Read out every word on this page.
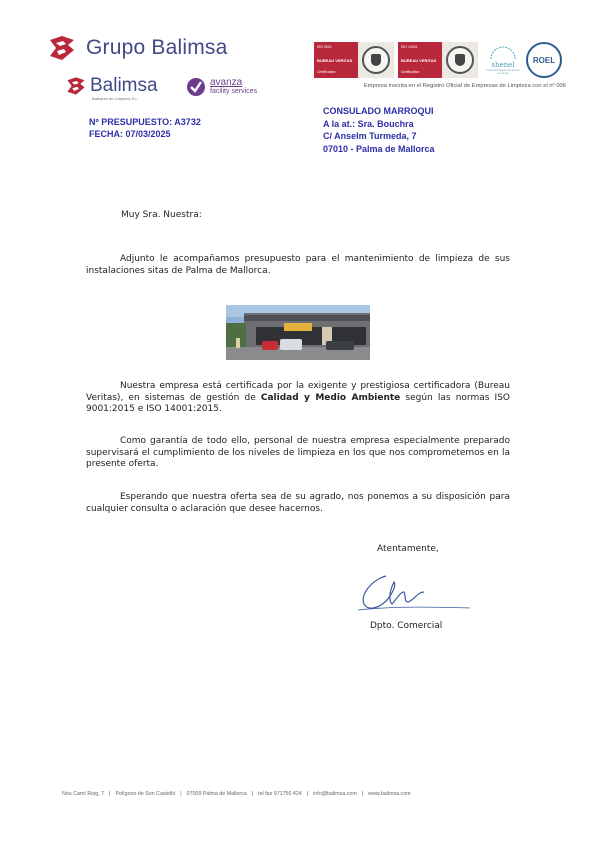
Grupo Balimsa
Balimsa
Baleares de Limpieza S.L.
avanza
facility services
ISO 9001
BUREAU VERITAS
Certification
ISO 14001
BUREAU VERITAS
Certification
shenel
Asociación Balear d'Empreses de Neteja
ROEL
Empresa inscrita en el Registro Oficial de Empresas de Limpieza con el nº 006
Nº PRESUPUESTO: A3732
FECHA: 07/03/2025
CONSULADO MARROQUI
A la at.: Sra. Bouchra
C/ Anselm Turmeda, 7
07010 - Palma de Mallorca
Muy Sra. Nuestra:
Adjunto le acompañamos presupuesto para el mantenimiento de limpieza de sus instalaciones sitas de Palma de Mallorca.
Nuestra empresa está certificada por la exigente y prestigiosa certificadora (Bureau Veritas), en sistemas de gestión de Calidad y Medio Ambiente según las normas ISO 9001:2015 e ISO 14001:2015.
Como garantía de todo ello, personal de nuestra empresa especialmente preparado supervisará el cumplimiento de los niveles de limpieza en los que nos comprometemos en la presente oferta.
Esperando que nuestra oferta sea de su agrado, nos ponemos a su disposición para cualquier consulta o aclaración que desee hacernos.
Atentamente,
Dpto. Comercial
Nou Camí Roig, 7 | Polígono de Son Castelló | 07009 Palma de Mallorca | tel fax 971750 424 | info@balimsa.com | www.balimsa.com
